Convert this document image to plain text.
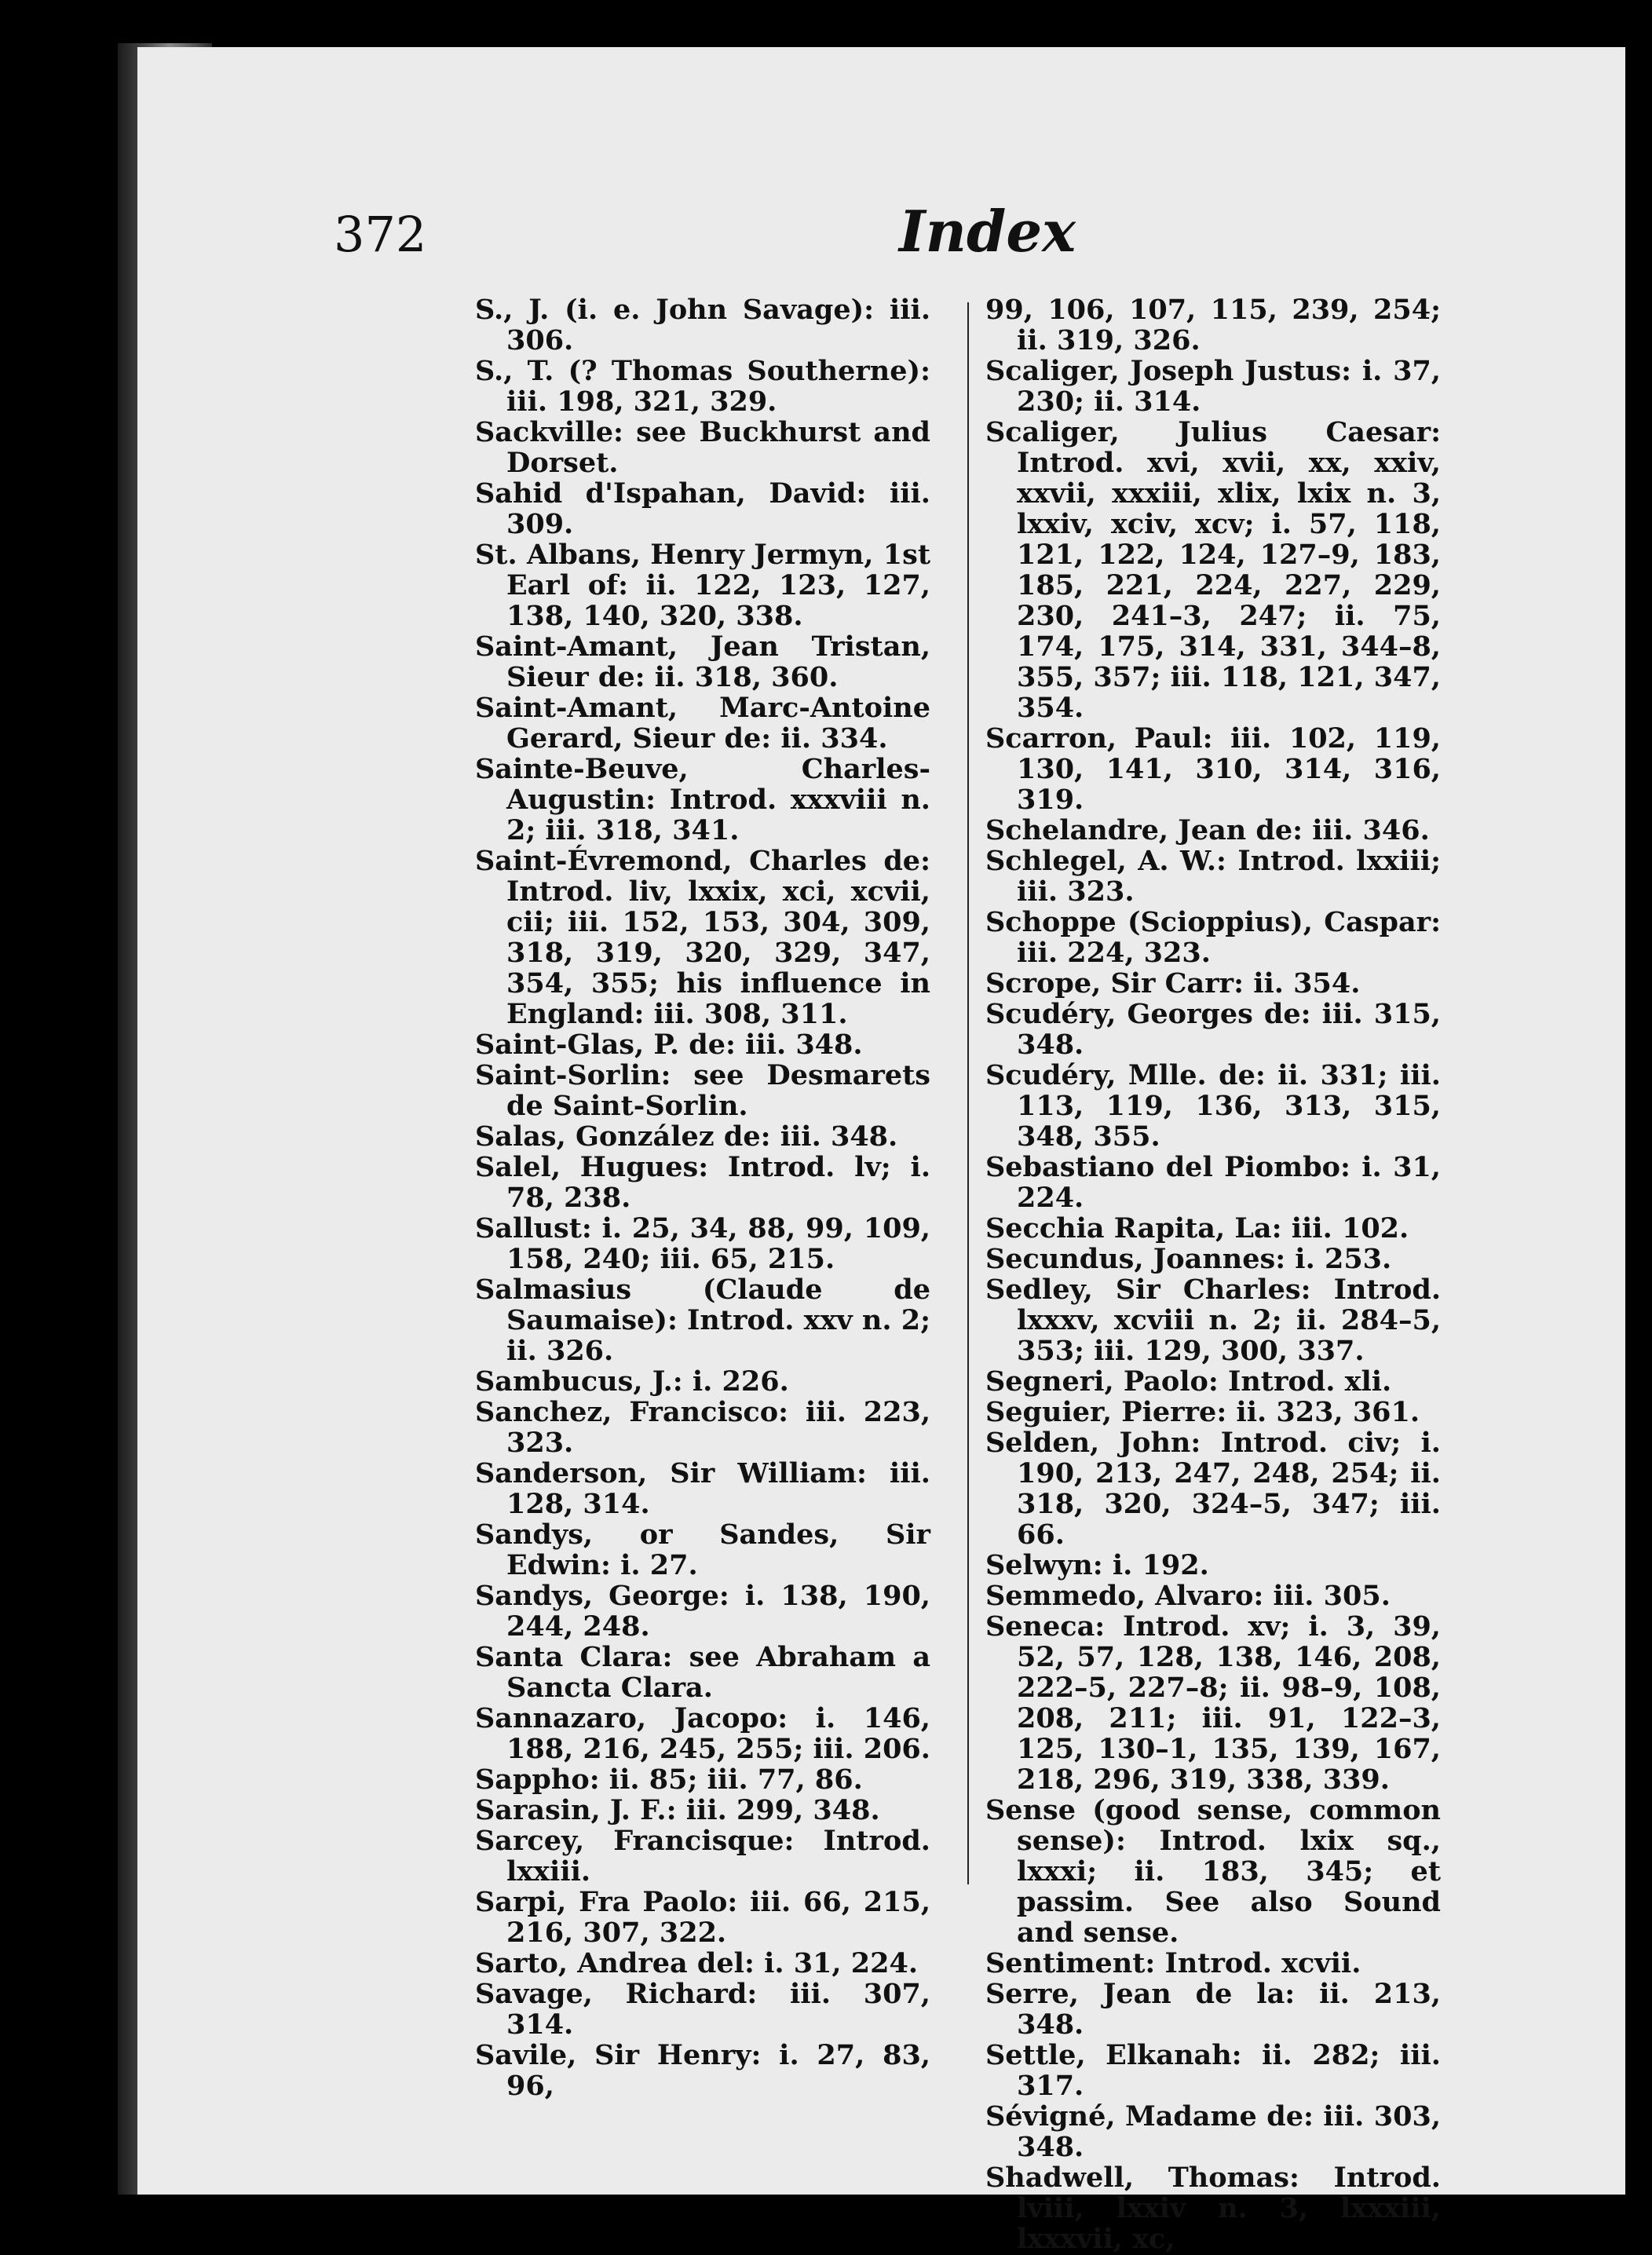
372	Index
S., J. (i. e. John Savage): iii. 306.
S., T. (? Thomas Southerne): iii. 198, 321, 329.
Sackville: see Buckhurst and Dorset.
Sahid d'Ispahan, David: iii. 309.
St. Albans, Henry Jermyn, 1st Earl of: ii. 122, 123, 127, 138, 140, 320, 338.
Saint-Amant, Jean Tristan, Sieur de: ii. 318, 360.
Saint-Amant, Marc-Antoine Gerard, Sieur de: ii. 334.
Sainte-Beuve, Charles-Augustin: Introd. xxxviii n. 2; iii. 318, 341.
Saint-Évremond, Charles de: Introd. liv, lxxix, xci, xcvii, cii; iii. 152, 153, 304, 309, 318, 319, 320, 329, 347, 354, 355; his influence in England: iii. 308, 311.
Saint-Glas, P. de: iii. 348.
Saint-Sorlin: see Desmarets de Saint-Sorlin.
Salas, González de: iii. 348.
Salel, Hugues: Introd. lv; i. 78, 238.
Sallust: i. 25, 34, 88, 99, 109, 158, 240; iii. 65, 215.
Salmasius (Claude de Saumaise): Introd. xxv n. 2; ii. 326.
Sambucus, J.: i. 226.
Sanchez, Francisco: iii. 223, 323.
Sanderson, Sir William: iii. 128, 314.
Sandys, or Sandes, Sir Edwin: i. 27.
Sandys, George: i. 138, 190, 244, 248.
Santa Clara: see Abraham a Sancta Clara.
Sannazaro, Jacopo: i. 146, 188, 216, 245, 255; iii. 206.
Sappho: ii. 85; iii. 77, 86.
Sarasin, J. F.: iii. 299, 348.
Sarcey, Francisque: Introd. lxxiii.
Sarpi, Fra Paolo: iii. 66, 215, 216, 307, 322.
Sarto, Andrea del: i. 31, 224.
Savage, Richard: iii. 307, 314.
Savile, Sir Henry: i. 27, 83, 96,
99, 106, 107, 115, 239, 254; ii. 319, 326.
Scaliger, Joseph Justus: i. 37, 230; ii. 314.
Scaliger, Julius Caesar: Introd. xvi, xvii, xx, xxiv, xxvii, xxxiii, xlix, lxix n. 3, lxxiv, xciv, xcv; i. 57, 118, 121, 122, 124, 127–9, 183, 185, 221, 224, 227, 229, 230, 241–3, 247; ii. 75, 174, 175, 314, 331, 344–8, 355, 357; iii. 118, 121, 347, 354.
Scarron, Paul: iii. 102, 119, 130, 141, 310, 314, 316, 319.
Schelandre, Jean de: iii. 346.
Schlegel, A. W.: Introd. lxxiii; iii. 323.
Schoppe (Scioppius), Caspar: iii. 224, 323.
Scrope, Sir Carr: ii. 354.
Scudéry, Georges de: iii. 315, 348.
Scudéry, Mlle. de: ii. 331; iii. 113, 119, 136, 313, 315, 348, 355.
Sebastiano del Piombo: i. 31, 224.
Secchia Rapita, La: iii. 102.
Secundus, Joannes: i. 253.
Sedley, Sir Charles: Introd. lxxxv, xcviii n. 2; ii. 284–5, 353; iii. 129, 300, 337.
Segneri, Paolo: Introd. xli.
Seguier, Pierre: ii. 323, 361.
Selden, John: Introd. civ; i. 190, 213, 247, 248, 254; ii. 318, 320, 324–5, 347; iii. 66.
Selwyn: i. 192.
Semmedo, Alvaro: iii. 305.
Seneca: Introd. xv; i. 3, 39, 52, 57, 128, 138, 146, 208, 222–5, 227–8; ii. 98–9, 108, 208, 211; iii. 91, 122–3, 125, 130–1, 135, 139, 167, 218, 296, 319, 338, 339.
Sense (good sense, common sense): Introd. lxix sq., lxxxi; ii. 183, 345; et passim. See also Sound and sense.
Sentiment: Introd. xcvii.
Serre, Jean de la: ii. 213, 348.
Settle, Elkanah: ii. 282; iii. 317.
Sévigné, Madame de: iii. 303, 348.
Shadwell, Thomas: Introd. lviii, lxxiv n. 3, lxxxiii, lxxxvii, xc,
